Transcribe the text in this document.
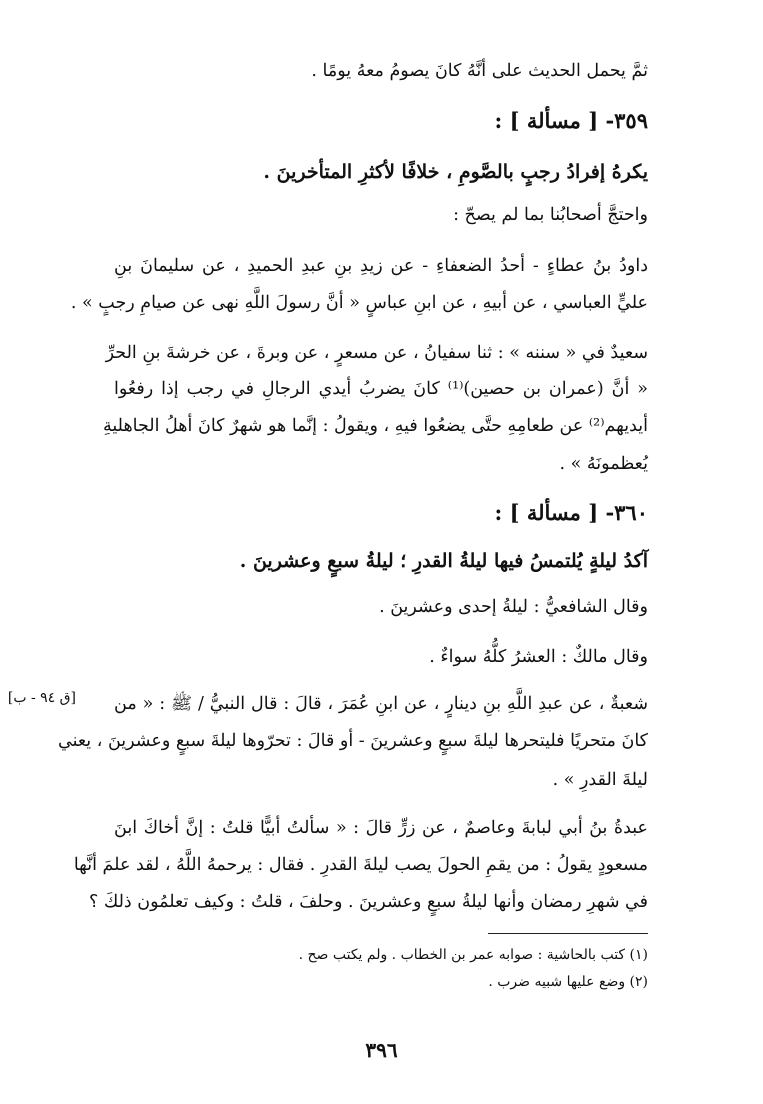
ثمَّ يحمل الحديث على أنَّهُ كانَ يصومُ معهُ يومًا .
٣٥٩- [ مسألة ] :
يكرهُ إفرادُ رجبٍ بالصَّومِ ، خلافًا لأكثرِ المتأخرينَ .
واحتجَّ أصحابُنا بما لم يصحّ :
داودُ بنُ عطاءٍ - أحدُ الضعفاءِ - عن زيدِ بنِ عبدِ الحميدِ ، عن سليمانَ بنِ
عليٍّ العباسي ، عن أبيهِ ، عن ابنِ عباسٍ « أنَّ رسولَ اللَّهِ نهى عن صيامِ رجبٍ » .
سعيدٌ في « سننه » : ثنا سفيانُ ، عن مسعرٍ ، عن وبرةَ ، عن خرشةَ بنِ الحرِّ
« أنَّ (عمران بن حصين)⁽¹⁾ كانَ يضربُ أيدي الرجالِ في رجب إذا رفعُوا
أيديهم⁽²⁾ عن طعامِهِ حتَّى يضعُوا فيهِ ، ويقولُ : إنَّما هو شهرٌ كانَ أهلُ الجاهليةِ
يُعظمونَهُ » .
٣٦٠- [ مسألة ] :
آكدُ ليلةٍ يُلتمسُ فيها ليلةُ القدرِ ؛ ليلةُ سبعٍ وعشرينَ .
وقال الشافعيُّ : ليلةُ إحدى وعشرينَ .
وقال مالكٌ : العشرُ كلُّهُ سواءٌ .
شعبةٌ ، عن عبدِ اللَّهِ بنِ دينارٍ ، عن ابنِ عُمَرَ ، قالَ : قال النبيُّ / ﷺ : « من
كانَ متحريًا فليتحرها ليلةَ سبعٍ وعشرينَ - أو قالَ : تحرّوها ليلةَ سبعٍ وعشرينَ ، يعني
ليلةَ القدرِ » .
عبدةُ بنُ أبي لبابةَ وعاصمٌ ، عن زرٍّ قالَ : « سألتُ أبيًّا قلتُ : إنَّ أخاكَ ابنَ
مسعودٍ يقولُ : من يقمِ الحولَ يصب ليلةَ القدرِ . فقال : يرحمهُ اللَّهُ ، لقد علمَ أنَّها
في شهرِ رمضان وأنها ليلةُ سبعٍ وعشرينَ . وحلفَ ، قلتُ : وكيف تعلمُون ذلكَ ؟
[ق ٩٤ - ب]
(١) كتب بالحاشية : صوابه عمر بن الخطاب . ولم يكتب صح .
(٢) وضع عليها شبيه ضرب .
٣٩٦
